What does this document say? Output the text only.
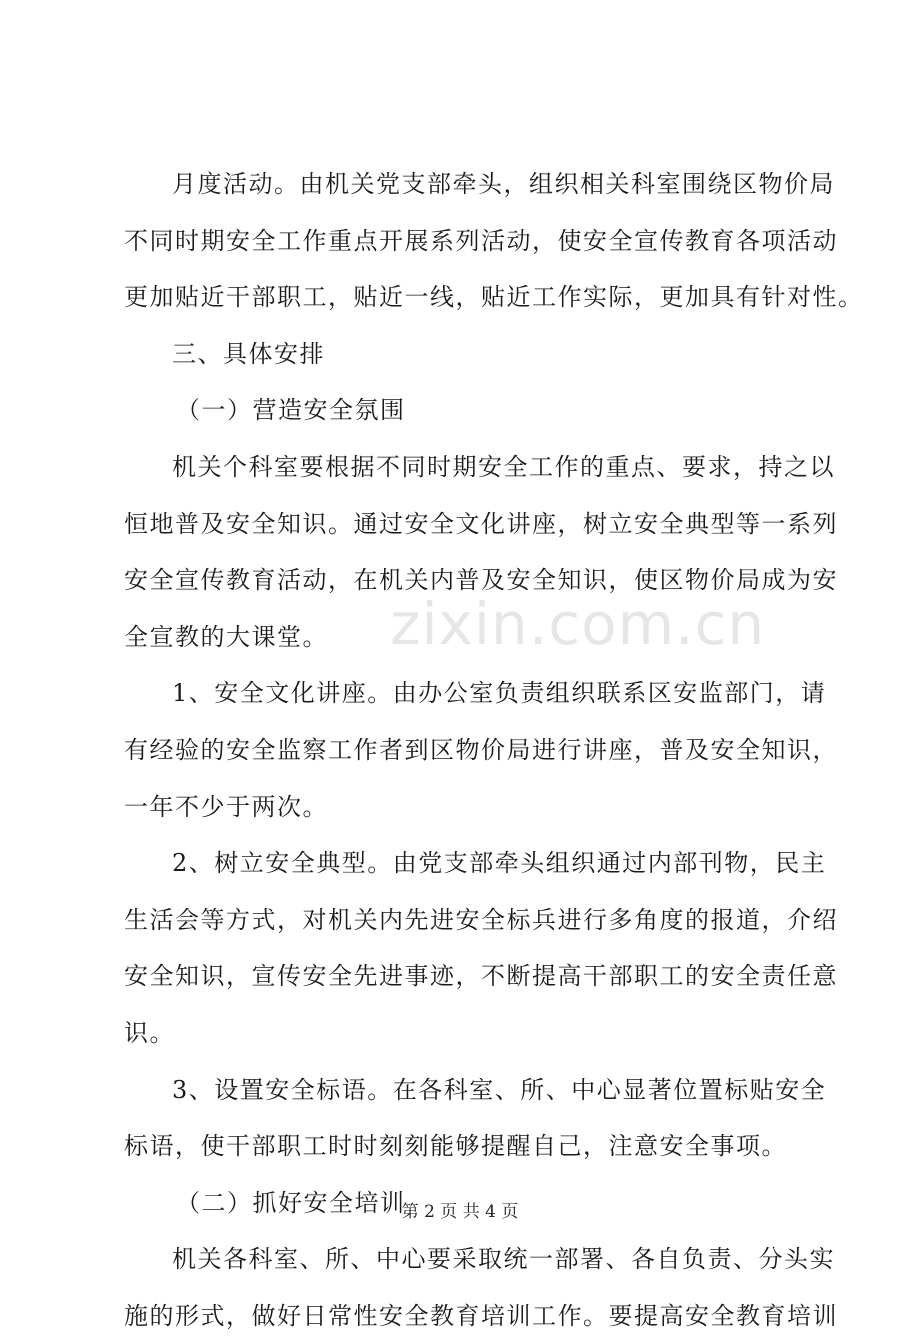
zixin.com.cn
月度活动。由机关党支部牵头，组织相关科室围绕区物价局
不同时期安全工作重点开展系列活动，使安全宣传教育各项活动
更加贴近干部职工，贴近一线，贴近工作实际，更加具有针对性。
三、具体安排
（一）营造安全氛围
机关个科室要根据不同时期安全工作的重点、要求，持之以
恒地普及安全知识。通过安全文化讲座，树立安全典型等一系列
安全宣传教育活动，在机关内普及安全知识，使区物价局成为安
全宣教的大课堂。
1、安全文化讲座。由办公室负责组织联系区安监部门，请
有经验的安全监察工作者到区物价局进行讲座，普及安全知识，
一年不少于两次。
2、树立安全典型。由党支部牵头组织通过内部刊物，民主
生活会等方式，对机关内先进安全标兵进行多角度的报道，介绍
安全知识，宣传安全先进事迹，不断提高干部职工的安全责任意
识。
3、设置安全标语。在各科室、所、中心显著位置标贴安全
标语，使干部职工时时刻刻能够提醒自己，注意安全事项。
（二）抓好安全培训
机关各科室、所、中心要采取统一部署、各自负责、分头实
施的形式，做好日常性安全教育培训工作。要提高安全教育培训
第 2 页 共 4 页
